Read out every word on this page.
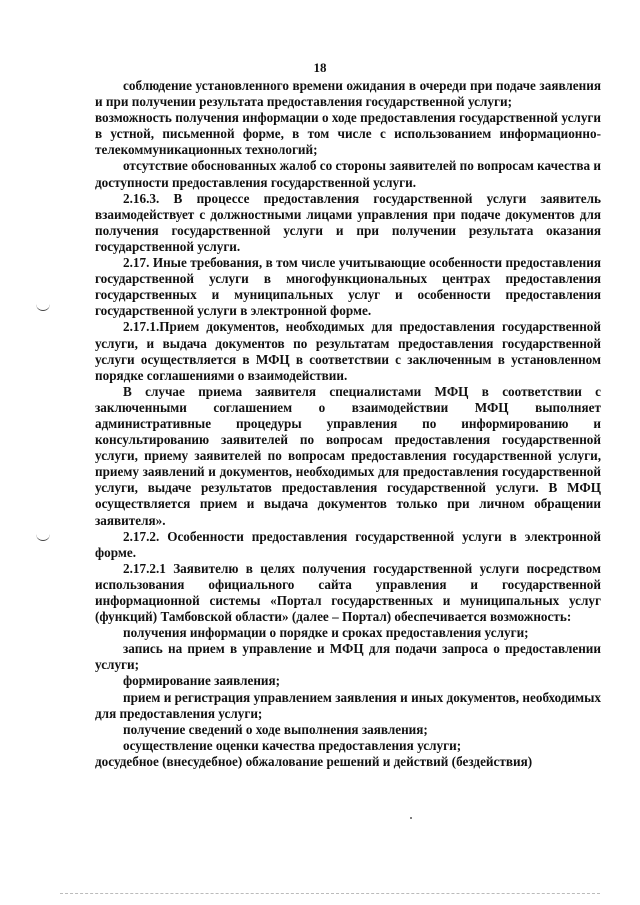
18

соблюдение установленного времени ожидания в очереди при подаче заявления и при получении результата предоставления государственной услуги;

возможность получения информации о ходе предоставления государственной услуги в устной, письменной форме, в том числе с использованием информационно-телекоммуникационных технологий;

отсутствие обоснованных жалоб со стороны заявителей по вопросам качества и доступности предоставления государственной услуги.

2.16.3. В процессе предоставления государственной услуги заявитель взаимодействует с должностными лицами управления при подаче документов для получения государственной услуги и при получении результата оказания государственной услуги.

2.17. Иные требования, в том числе учитывающие особенности предоставления государственной услуги в многофункциональных центрах предоставления государственных и муниципальных услуг и особенности предоставления государственной услуги в электронной форме.

2.17.1.Прием документов, необходимых для предоставления государственной услуги, и выдача документов по результатам предоставления государственной услуги осуществляется в МФЦ в соответствии с заключенным в установленном порядке соглашениями о взаимодействии.

В случае приема заявителя специалистами МФЦ в соответствии с заключенными соглашением о взаимодействии МФЦ выполняет административные процедуры управления по информированию и консультированию заявителей по вопросам предоставления государственной услуги, приему заявителей по вопросам предоставления государственной услуги, приему заявлений и документов, необходимых для предоставления государственной услуги, выдаче результатов предоставления государственной услуги. В МФЦ осуществляется прием и выдача документов только при личном обращении заявителя».

2.17.2. Особенности предоставления государственной услуги в электронной форме.

2.17.2.1 Заявителю в целях получения государственной услуги посредством использования официального сайта управления и государственной информационной системы «Портал государственных и муниципальных услуг (функций) Тамбовской области» (далее – Портал) обеспечивается возможность:

получения информации о порядке и сроках предоставления услуги;

запись на прием в управление и МФЦ для подачи запроса о предоставлении услуги;

формирование заявления;

прием и регистрация управлением заявления и иных документов, необходимых для предоставления услуги;

получение сведений о ходе выполнения заявления;

осуществление оценки качества предоставления услуги;

досудебное (внесудебное) обжалование решений и действий (бездействия)
